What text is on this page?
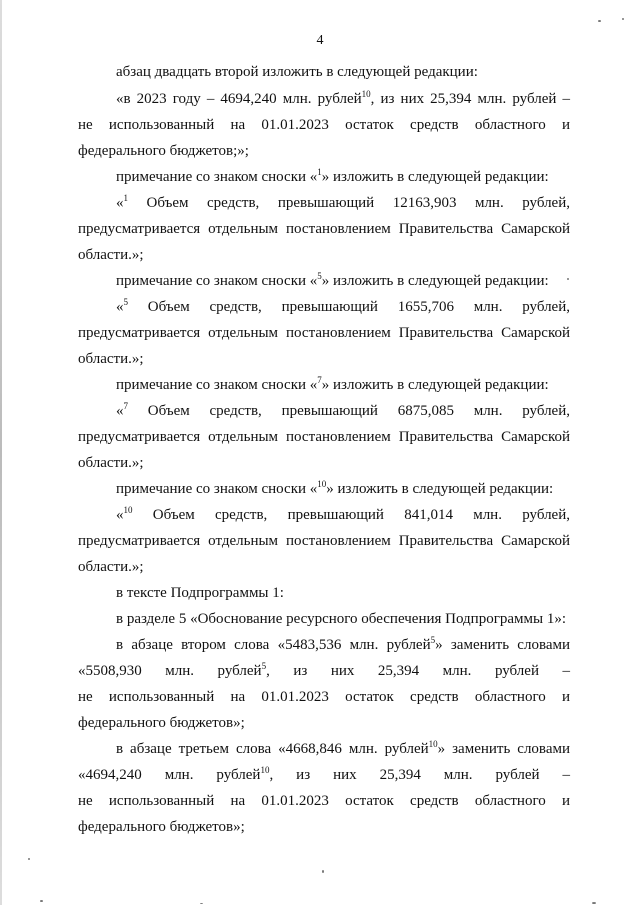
4
абзац двадцать второй изложить в следующей редакции:
«в 2023 году – 4694,240 млн. рублей$^{10}$, из них 25,394 млн. рублей –
не использованный на 01.01.2023 остаток средств областного и
федерального бюджетов;»;
примечание со знаком сноски «$^1$» изложить в следующей редакции:
«$^1$ Объем средств, превышающий 12163,903 млн. рублей,
предусматривается отдельным постановлением Правительства Самарской
области.»;
примечание со знаком сноски «$^5$» изложить в следующей редакции:
«$^5$ Объем средств, превышающий 1655,706 млн. рублей,
предусматривается отдельным постановлением Правительства Самарской
области.»;
примечание со знаком сноски «$^7$» изложить в следующей редакции:
«$^7$ Объем средств, превышающий 6875,085 млн. рублей,
предусматривается отдельным постановлением Правительства Самарской
области.»;
примечание со знаком сноски «$^{10}$» изложить в следующей редакции:
«$^{10}$ Объем средств, превышающий 841,014 млн. рублей,
предусматривается отдельным постановлением Правительства Самарской
области.»;
в тексте Подпрограммы 1:
в разделе 5 «Обоснование ресурсного обеспечения Подпрограммы 1»:
в абзаце втором слова «5483,536 млн. рублей$^5$» заменить словами
«5508,930 млн. рублей$^5$, из них 25,394 млн. рублей –
не использованный на 01.01.2023 остаток средств областного и
федерального бюджетов»;
в абзаце третьем слова «4668,846 млн. рублей$^{10}$» заменить словами
«4694,240 млн. рублей$^{10}$, из них 25,394 млн. рублей –
не использованный на 01.01.2023 остаток средств областного и
федерального бюджетов»;
